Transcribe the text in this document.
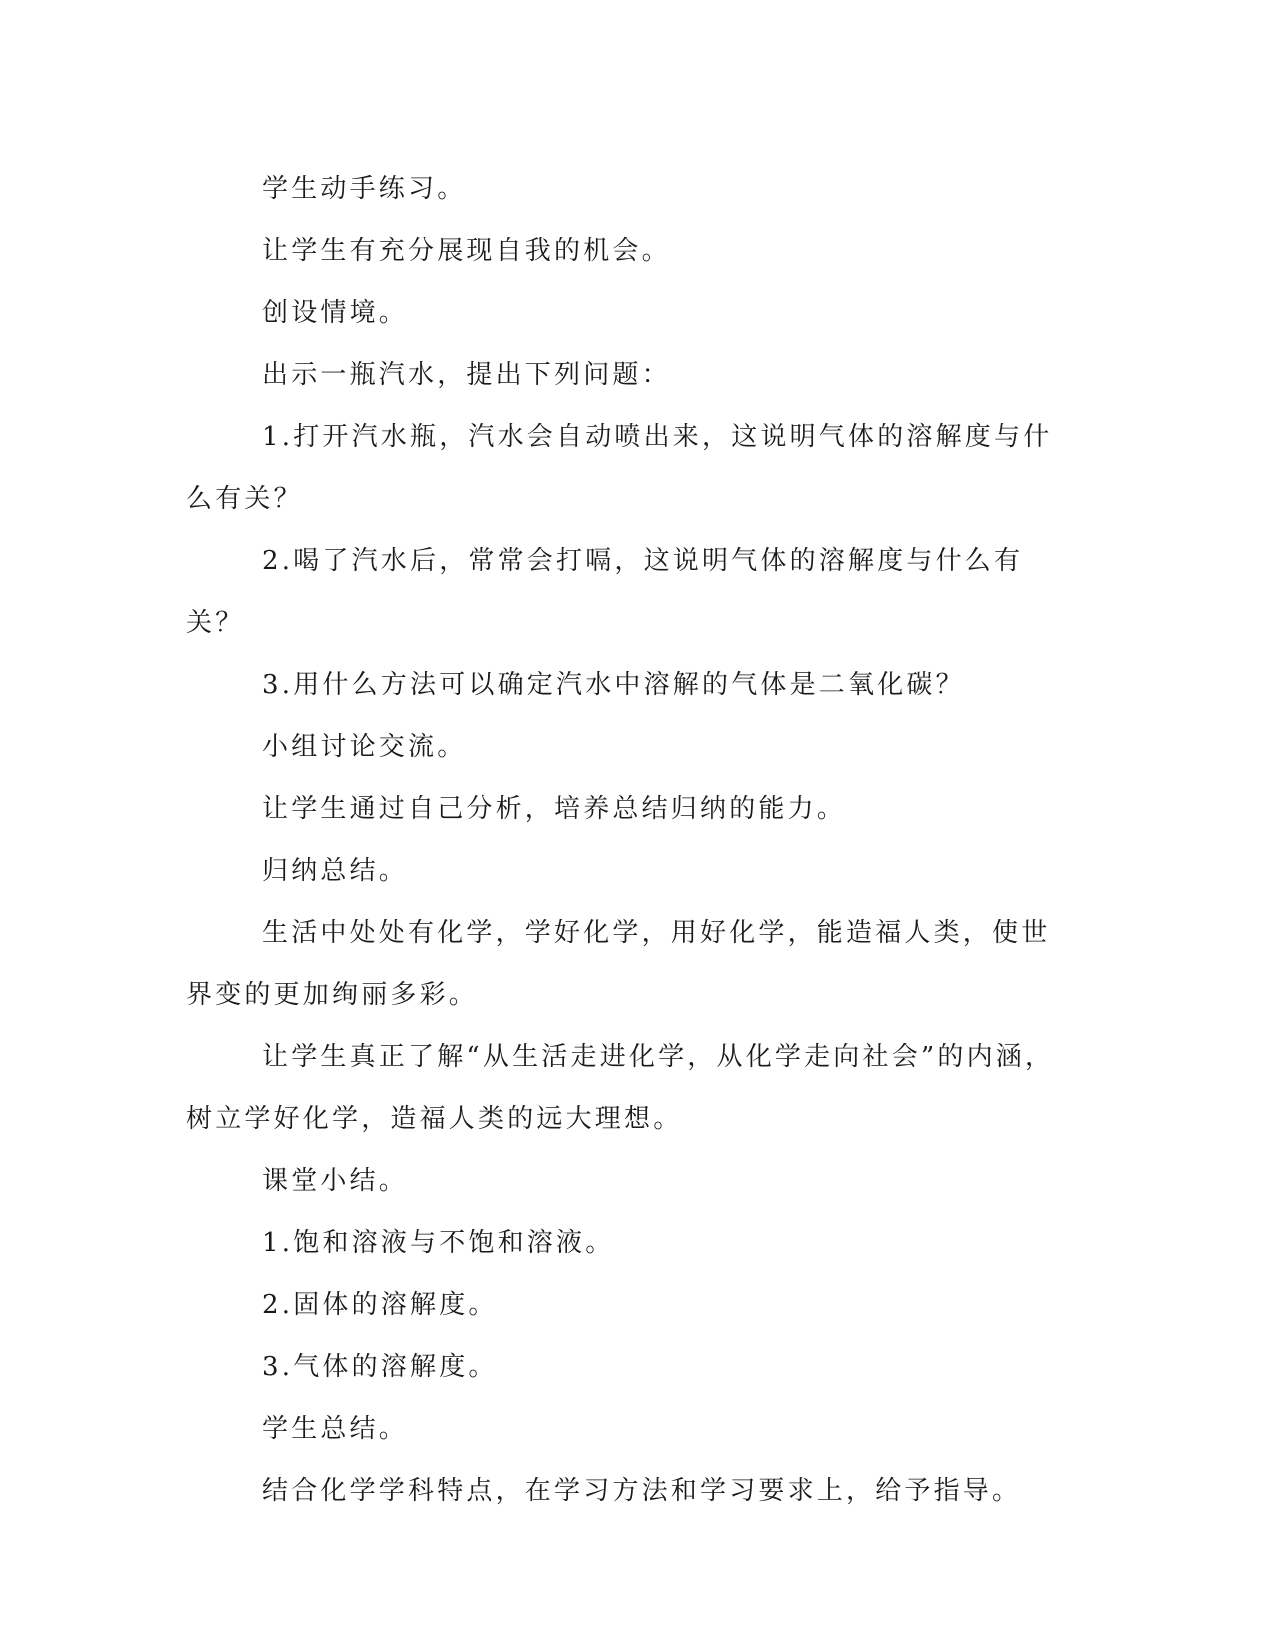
学生动手练习。

让学生有充分展现自我的机会。

创设情境。

出示一瓶汽水，提出下列问题：

1.打开汽水瓶，汽水会自动喷出来，这说明气体的溶解度与什么有关？

2.喝了汽水后，常常会打嗝，这说明气体的溶解度与什么有关？

3.用什么方法可以确定汽水中溶解的气体是二氧化碳？

小组讨论交流。

让学生通过自己分析，培养总结归纳的能力。

归纳总结。

生活中处处有化学，学好化学，用好化学，能造福人类，使世界变的更加绚丽多彩。

让学生真正了解“从生活走进化学，从化学走向社会”的内涵，树立学好化学，造福人类的远大理想。

课堂小结。

1.饱和溶液与不饱和溶液。

2.固体的溶解度。

3.气体的溶解度。

学生总结。

结合化学学科特点，在学习方法和学习要求上，给予指导。
